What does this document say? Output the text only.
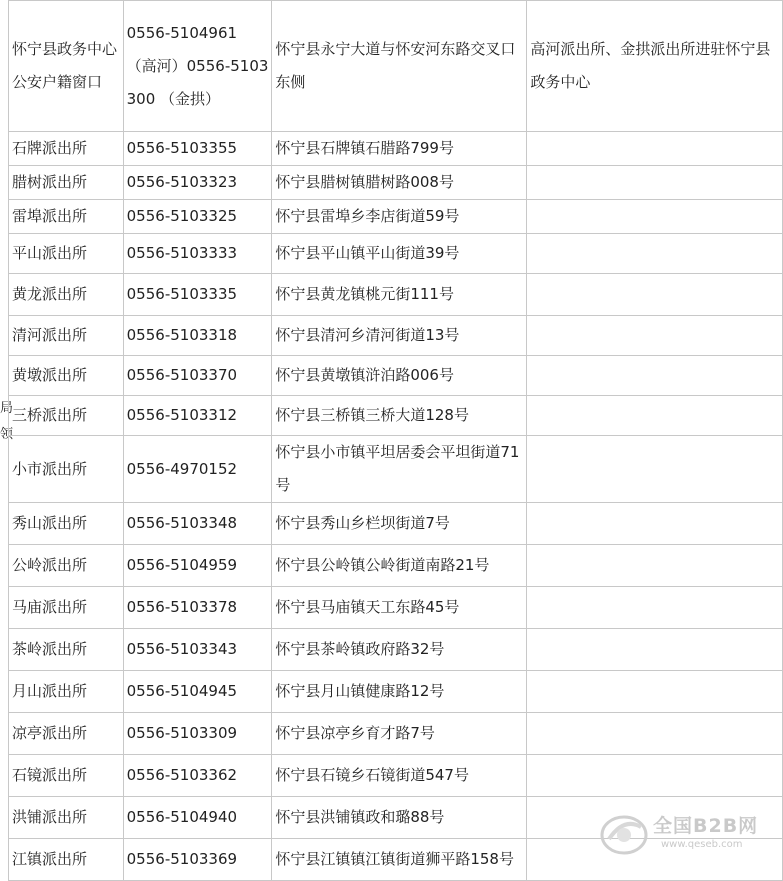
局领
怀宁县政务中心公安户籍窗口	0556-5104961 （高河）0556-5103300 （金拱）	怀宁县永宁大道与怀安河东路交叉口东侧	高河派出所、金拱派出所进驻怀宁县政务中心
石牌派出所	0556-5103355	怀宁县石牌镇石腊路799号	
腊树派出所	0556-5103323	怀宁县腊树镇腊树路008号	
雷埠派出所	0556-5103325	怀宁县雷埠乡李店街道59号	
平山派出所	0556-5103333	怀宁县平山镇平山街道39号	
黄龙派出所	0556-5103335	怀宁县黄龙镇桃元街111号	
清河派出所	0556-5103318	怀宁县清河乡清河街道13号	
黄墩派出所	0556-5103370	怀宁县黄墩镇浒泊路006号	
三桥派出所	0556-5103312	怀宁县三桥镇三桥大道128号	
小市派出所	0556-4970152	怀宁县小市镇平坦居委会平坦街道71号	
秀山派出所	0556-5103348	怀宁县秀山乡栏坝街道7号	
公岭派出所	0556-5104959	怀宁县公岭镇公岭街道南路21号	
马庙派出所	0556-5103378	怀宁县马庙镇天工东路45号	
茶岭派出所	0556-5103343	怀宁县茶岭镇政府路32号	
月山派出所	0556-5104945	怀宁县月山镇健康路12号	
凉亭派出所	0556-5103309	怀宁县凉亭乡育才路7号	
石镜派出所	0556-5103362	怀宁县石镜乡石镜街道547号	
洪铺派出所	0556-5104940	怀宁县洪铺镇政和璐88号	
江镇派出所	0556-5103369	怀宁县江镇镇江镇街道狮平路158号	
全国B2B网
www.qeseb.com
